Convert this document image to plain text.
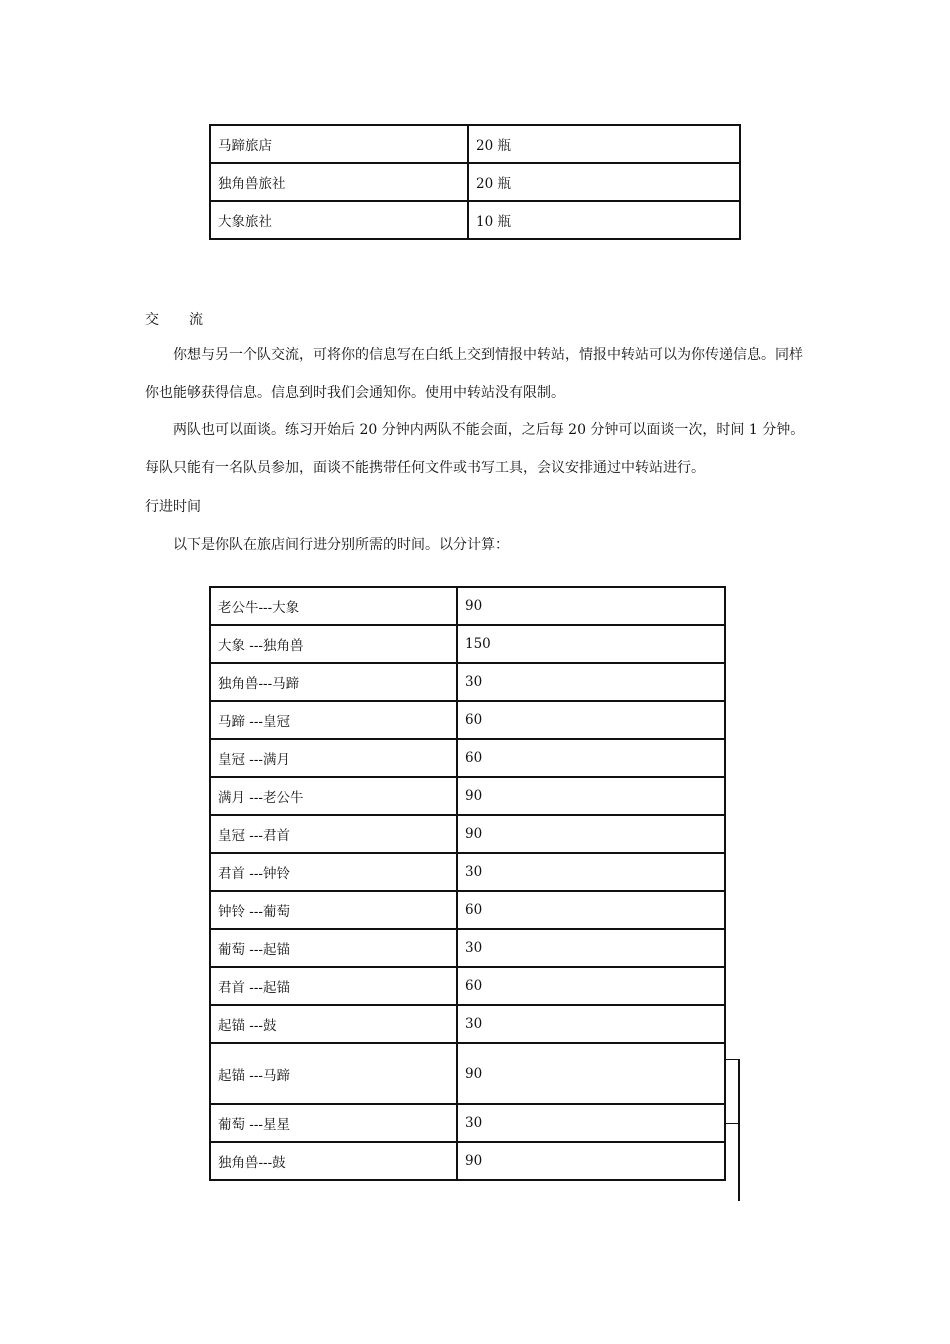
马蹄旅店	20 瓶
独角兽旅社	20 瓶
大象旅社	10 瓶
交 流
你想与另一个队交流，可将你的信息写在白纸上交到情报中转站，情报中转站可以为你传递信息。同样你也能够获得信息。信息到时我们会通知你。使用中转站没有限制。
两队也可以面谈。练习开始后 20 分钟内两队不能会面，之后每 20 分钟可以面谈一次，时间 1 分钟。每队只能有一名队员参加，面谈不能携带任何文件或书写工具，会议安排通过中转站进行。
行进时间
以下是你队在旅店间行进分别所需的时间。以分计算：
老公牛---大象	90
大象 ---独角兽	150
独角兽---马蹄	30
马蹄 ---皇冠	60
皇冠 ---满月	60
满月 ---老公牛	90
皇冠 ---君首	90
君首 ---钟铃	30
钟铃 ---葡萄	60
葡萄 ---起锚	30
君首 ---起锚	60
起锚 ---鼓	30
起锚 ---马蹄	90
葡萄 ---星星	30
独角兽---鼓	90
